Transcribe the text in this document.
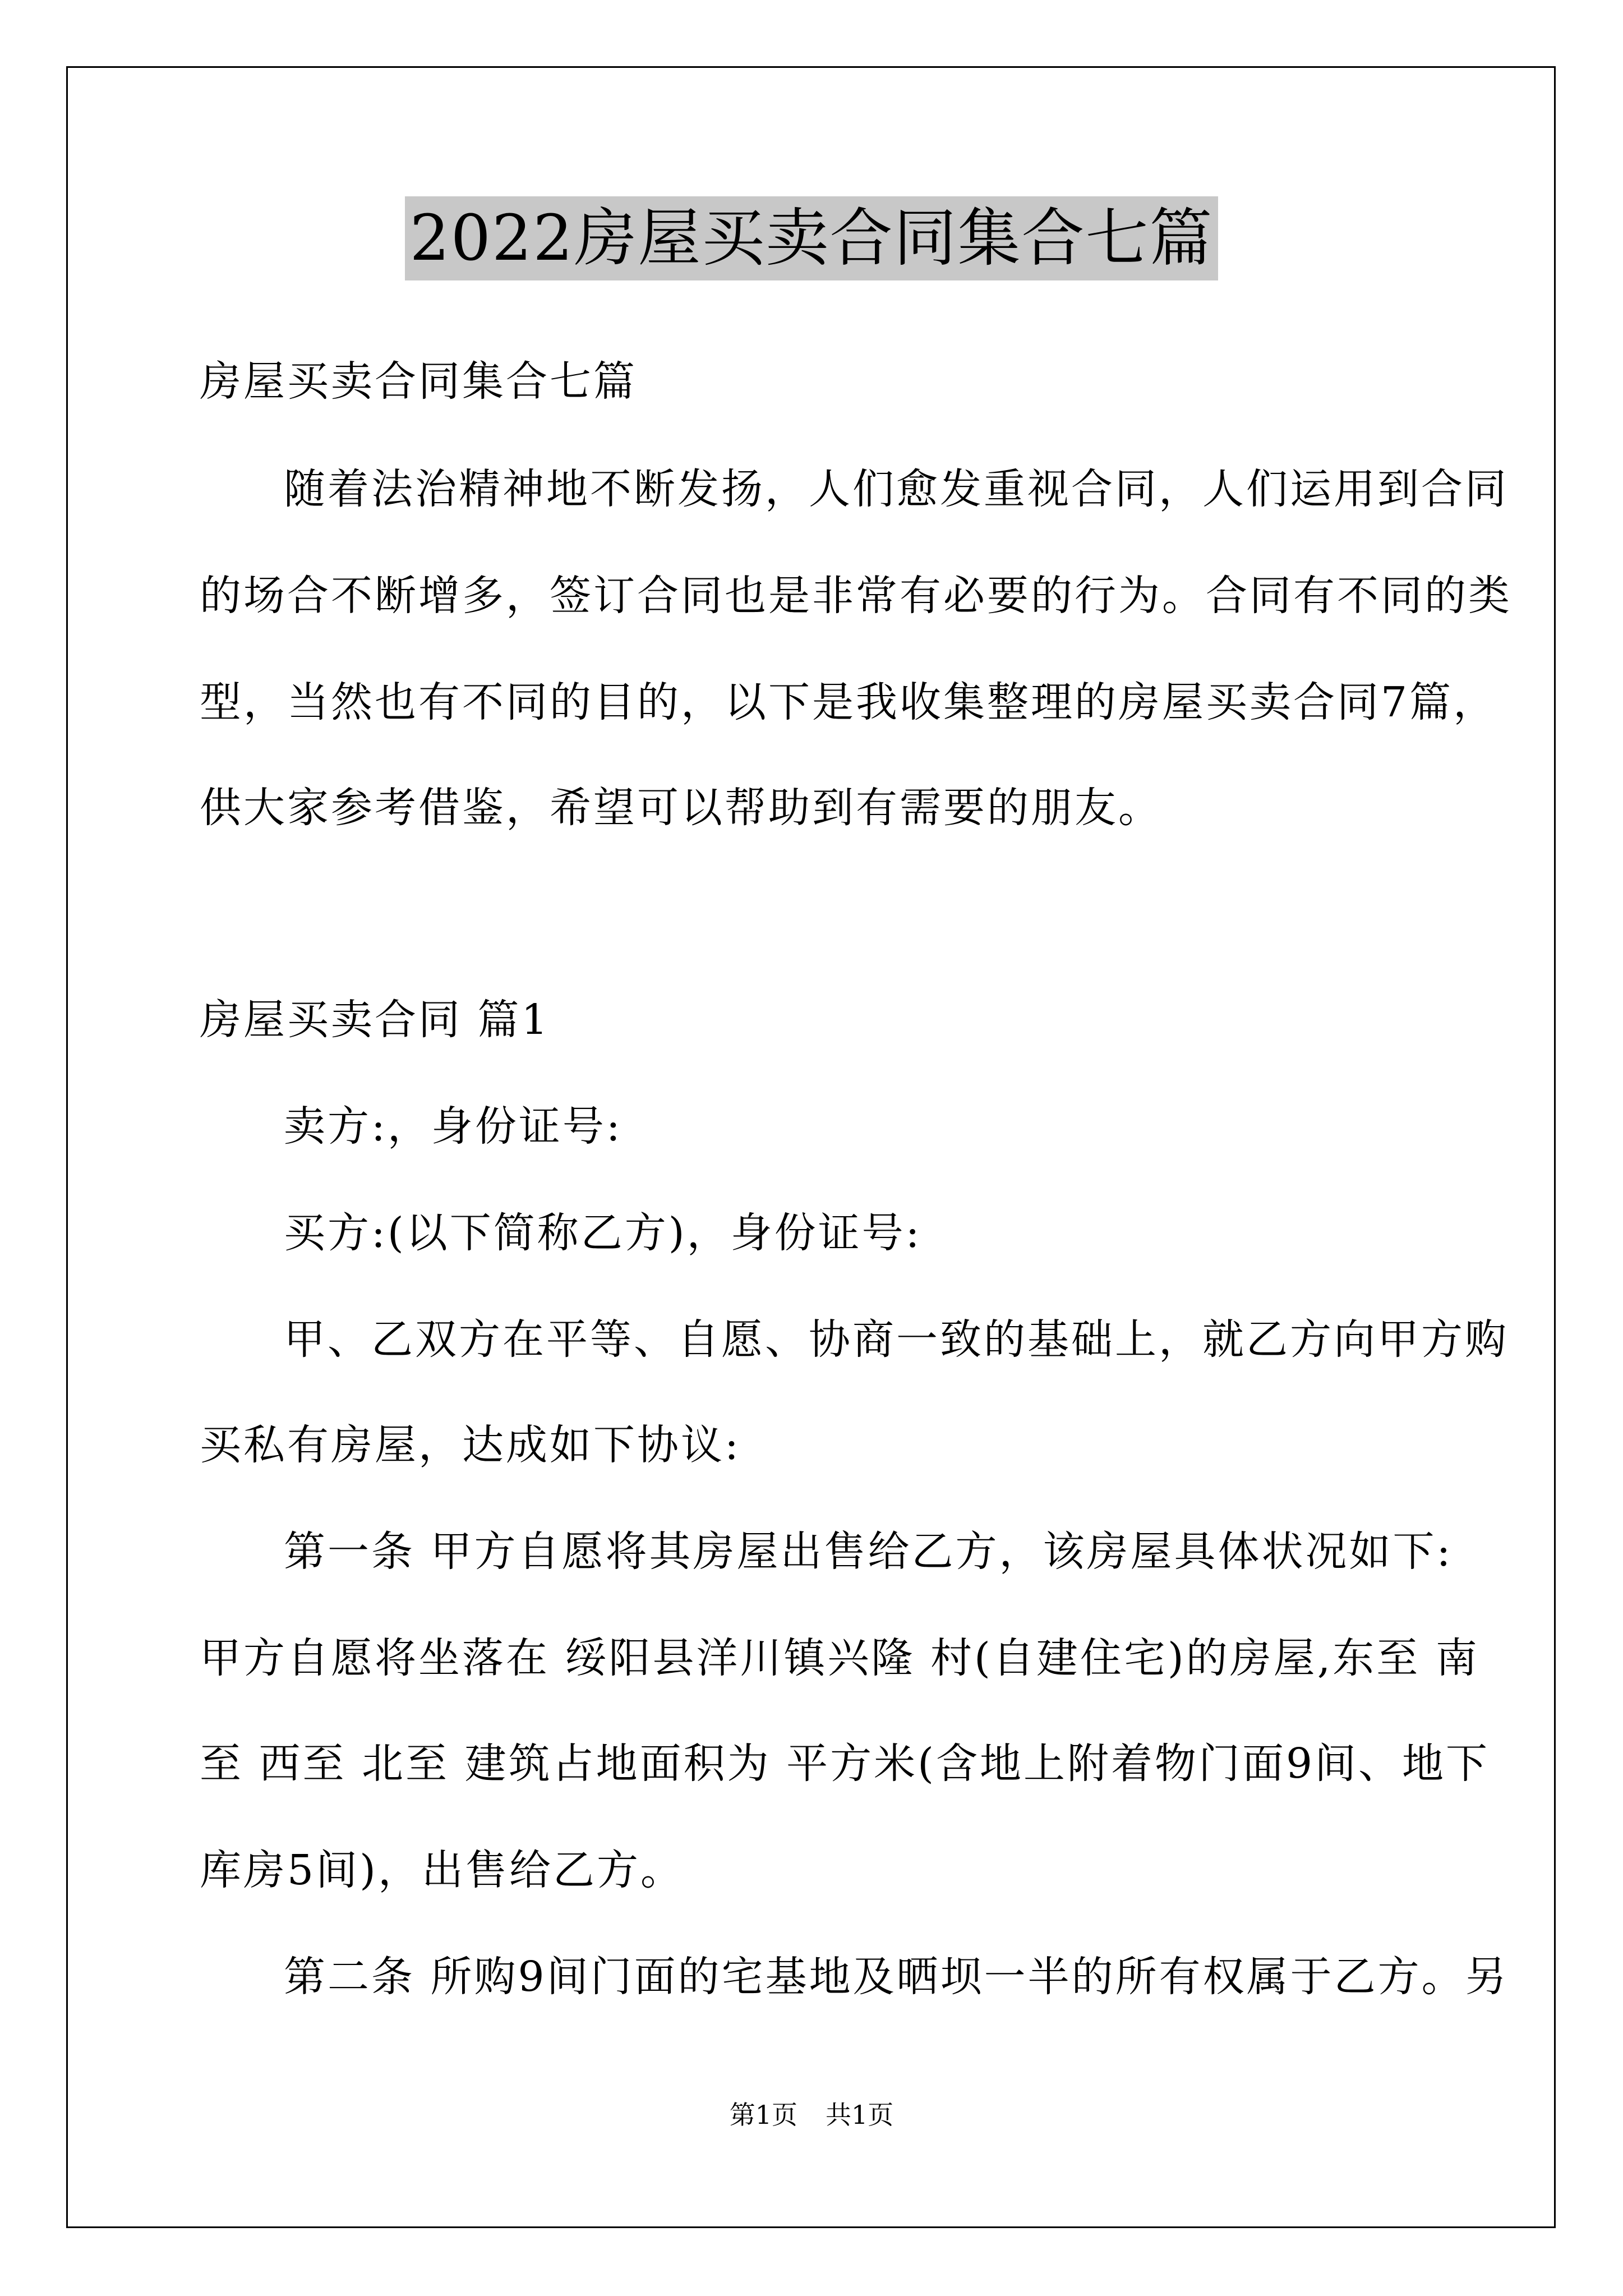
2022房屋买卖合同集合七篇
房屋买卖合同集合七篇
随着法治精神地不断发扬，人们愈发重视合同，人们运用到合同
的场合不断增多，签订合同也是非常有必要的行为。合同有不同的类
型，当然也有不同的目的，以下是我收集整理的房屋买卖合同7篇，
供大家参考借鉴，希望可以帮助到有需要的朋友。
房屋买卖合同 篇1
卖方:，身份证号:
买方:(以下简称乙方)，身份证号:
甲、乙双方在平等、自愿、协商一致的基础上，就乙方向甲方购
买私有房屋，达成如下协议:
第一条 甲方自愿将其房屋出售给乙方，该房屋具体状况如下:
甲方自愿将坐落在 绥阳县洋川镇兴隆 村(自建住宅)的房屋,东至 南
至 西至 北至 建筑占地面积为 平方米(含地上附着物门面9间、地下
库房5间)，出售给乙方。
第二条 所购9间门面的宅基地及晒坝一半的所有权属于乙方。另
第1页 共1页
